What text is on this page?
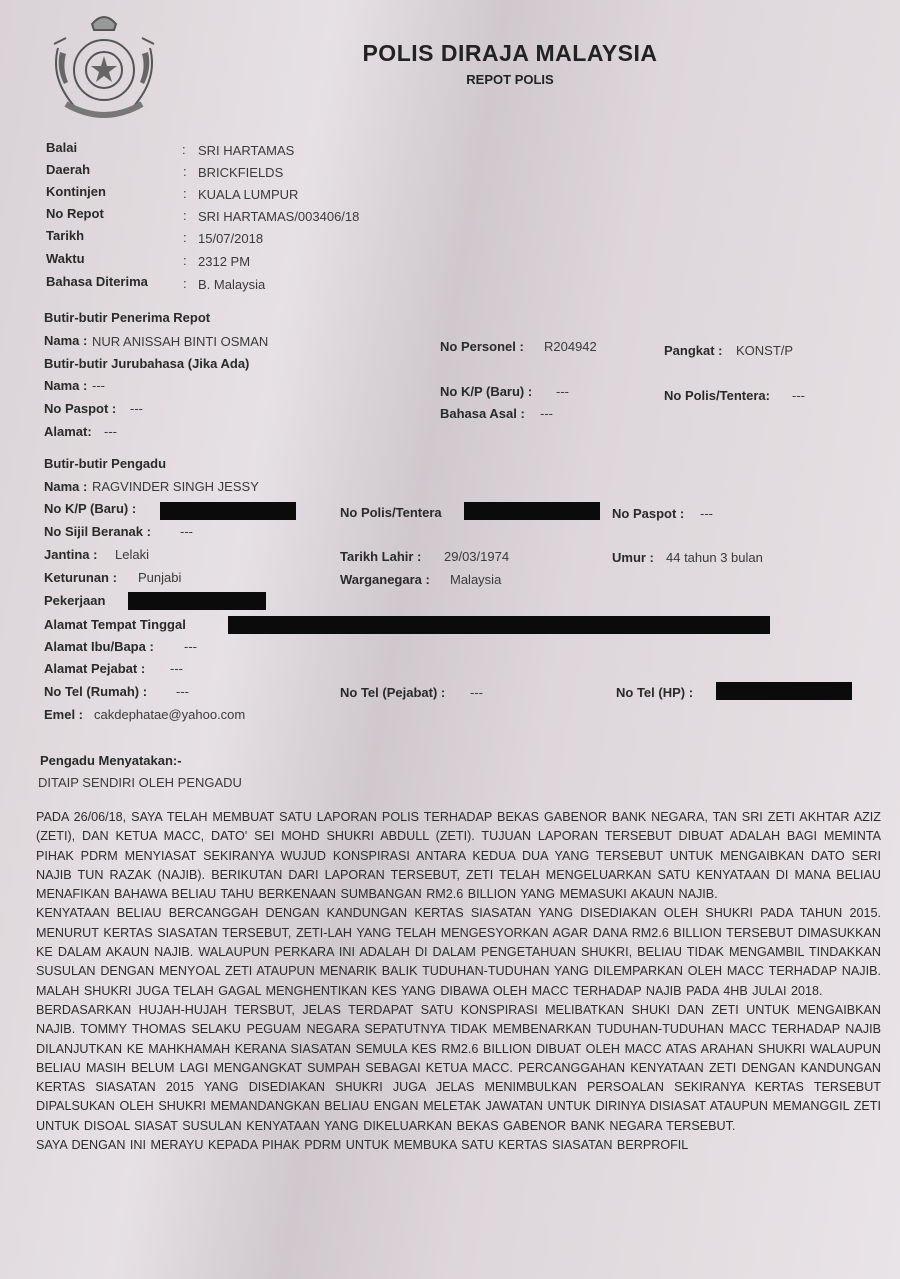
POLIS DIRAJA MALAYSIA
REPOT POLIS
Balai	: SRI HARTAMAS
Daerah	: BRICKFIELDS
Kontinjen	: KUALA LUMPUR
No Repot	: SRI HARTAMAS/003406/18
Tarikh	: 15/07/2018
Waktu	: 2312 PM
Bahasa Diterima	: B. Malaysia
Butir-butir Penerima Repot
Nama : NUR ANISSAH BINTI OSMAN	No Personel : R204942	Pangkat : KONST/P
Butir-butir Jurubahasa (Jika Ada)
Nama : ---	No K/P (Baru) : ---	No Polis/Tentera: ---
No Paspot : ---	Bahasa Asal : ---
Alamat: ---
Butir-butir Pengadu
Nama : RAGVINDER SINGH JESSY
No K/P (Baru) :	No Polis/Tentera	No Paspot : ---
No Sijil Beranak : ---
Jantina : Lelaki	Tarikh Lahir : 29/03/1974	Umur : 44 tahun 3 bulan
Keturunan : Punjabi	Warganegara : Malaysia
Pekerjaan
Alamat Tempat Tinggal
Alamat Ibu/Bapa : ---
Alamat Pejabat : ---
No Tel (Rumah) : ---	No Tel (Pejabat) : ---	No Tel (HP) :
Emel : cakdephatae@yahoo.com
Pengadu Menyatakan:-
DITAIP SENDIRI OLEH PENGADU

PADA 26/06/18, SAYA TELAH MEMBUAT SATU LAPORAN POLIS TERHADAP BEKAS GABENOR BANK NEGARA, TAN SRI ZETI AKHTAR AZIZ (ZETI), DAN KETUA MACC, DATO' SEI MOHD SHUKRI ABDULL (ZETI). TUJUAN LAPORAN TERSEBUT DIBUAT ADALAH BAGI MEMINTA PIHAK PDRM MENYIASAT SEKIRANYA WUJUD KONSPIRASI ANTARA KEDUA DUA YANG TERSEBUT UNTUK MENGAIBKAN DATO SERI NAJIB TUN RAZAK (NAJIB). BERIKUTAN DARI LAPORAN TERSEBUT, ZETI TELAH MENGELUARKAN SATU KENYATAAN DI MANA BELIAU MENAFIKAN BAHAWA BELIAU TAHU BERKENAAN SUMBANGAN RM2.6 BILLION YANG MEMASUKI AKAUN NAJIB.

KENYATAAN BELIAU BERCANGGAH DENGAN KANDUNGAN KERTAS SIASATAN YANG DISEDIAKAN OLEH SHUKRI PADA TAHUN 2015. MENURUT KERTAS SIASATAN TERSEBUT, ZETI-LAH YANG TELAH MENGESYORKAN AGAR DANA RM2.6 BILLION TERSEBUT DIMASUKKAN KE DALAM AKAUN NAJIB. WALAUPUN PERKARA INI ADALAH DI DALAM PENGETAHUAN SHUKRI, BELIAU TIDAK MENGAMBIL TINDAKKAN SUSULAN DENGAN MENYOAL ZETI ATAUPUN MENARIK BALIK TUDUHAN-TUDUHAN YANG DILEMPARKAN OLEH MACC TERHADAP NAJIB. MALAH SHUKRI JUGA TELAH GAGAL MENGHENTIKAN KES YANG DIBAWA OLEH MACC TERHADAP NAJIB PADA 4HB JULAI 2018.

BERDASARKAN HUJAH-HUJAH TERSBUT, JELAS TERDAPAT SATU KONSPIRASI MELIBATKAN SHUKI DAN ZETI UNTUK MENGAIBKAN NAJIB. TOMMY THOMAS SELAKU PEGUAM NEGARA SEPATUTNYA TIDAK MEMBENARKAN TUDUHAN-TUDUHAN MACC TERHADAP NAJIB DILANJUTKAN KE MAHKHAMAH KERANA SIASATAN SEMULA KES RM2.6 BILLION DIBUAT OLEH MACC ATAS ARAHAN SHUKRI WALAUPUN BELIAU MASIH BELUM LAGI MENGANGKAT SUMPAH SEBAGAI KETUA MACC. PERCANGGAHAN KENYATAAN ZETI DENGAN KANDUNGAN KERTAS SIASATAN 2015 YANG DISEDIAKAN SHUKRI JUGA JELAS MENIMBULKAN PERSOALAN SEKIRANYA KERTAS TERSEBUT DIPALSUKAN OLEH SHUKRI MEMANDANGKAN BELIAU ENGAN MELETAK JAWATAN UNTUK DIRINYA DISIASAT ATAUPUN MEMANGGIL ZETI UNTUK DISOAL SIASAT SUSULAN KENYATAAN YANG DIKELUARKAN BEKAS GABENOR BANK NEGARA TERSEBUT.

SAYA DENGAN INI MERAYU KEPADA PIHAK PDRM UNTUK MEMBUKA SATU KERTAS SIASATAN BERPROFIL
